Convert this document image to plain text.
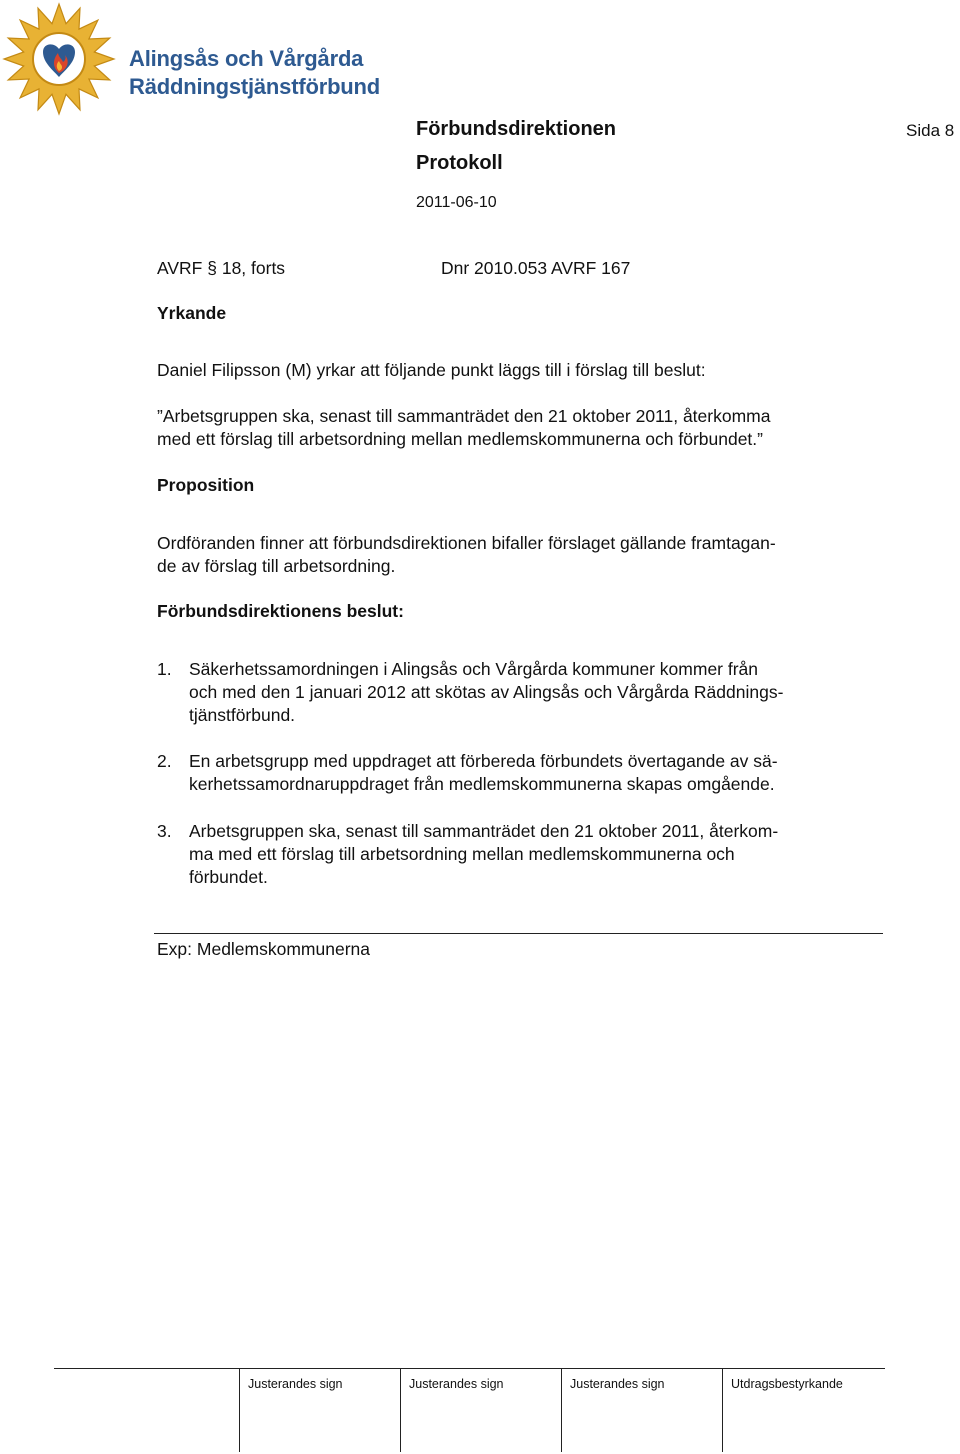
Alingsås och Vårgårda
Räddningstjänstförbund
Förbundsdirektionen
Protokoll
2011-06-10
Sida 8
AVRF § 18, forts	Dnr 2010.053 AVRF 167
Yrkande
Daniel Filipsson (M) yrkar att följande punkt läggs till i förslag till beslut:
”Arbetsgruppen ska, senast till sammanträdet den 21 oktober 2011, återkomma
med ett förslag till arbetsordning mellan medlemskommunerna och förbundet.”
Proposition
Ordföranden finner att förbundsdirektionen bifaller förslaget gällande framtagan-
de av förslag till arbetsordning.
Förbundsdirektionens beslut:
1. Säkerhetssamordningen i Alingsås och Vårgårda kommuner kommer från
och med den 1 januari 2012 att skötas av Alingsås och Vårgårda Räddnings-
tjänstförbund.
2. En arbetsgrupp med uppdraget att förbereda förbundets övertagande av sä-
kerhetssamordnaruppdraget från medlemskommunerna skapas omgående.
3. Arbetsgruppen ska, senast till sammanträdet den 21 oktober 2011, återkom-
ma med ett förslag till arbetsordning mellan medlemskommunerna och
förbundet.
Exp: Medlemskommunerna
Justerandes sign	Justerandes sign	Justerandes sign	Utdragsbestyrkande
